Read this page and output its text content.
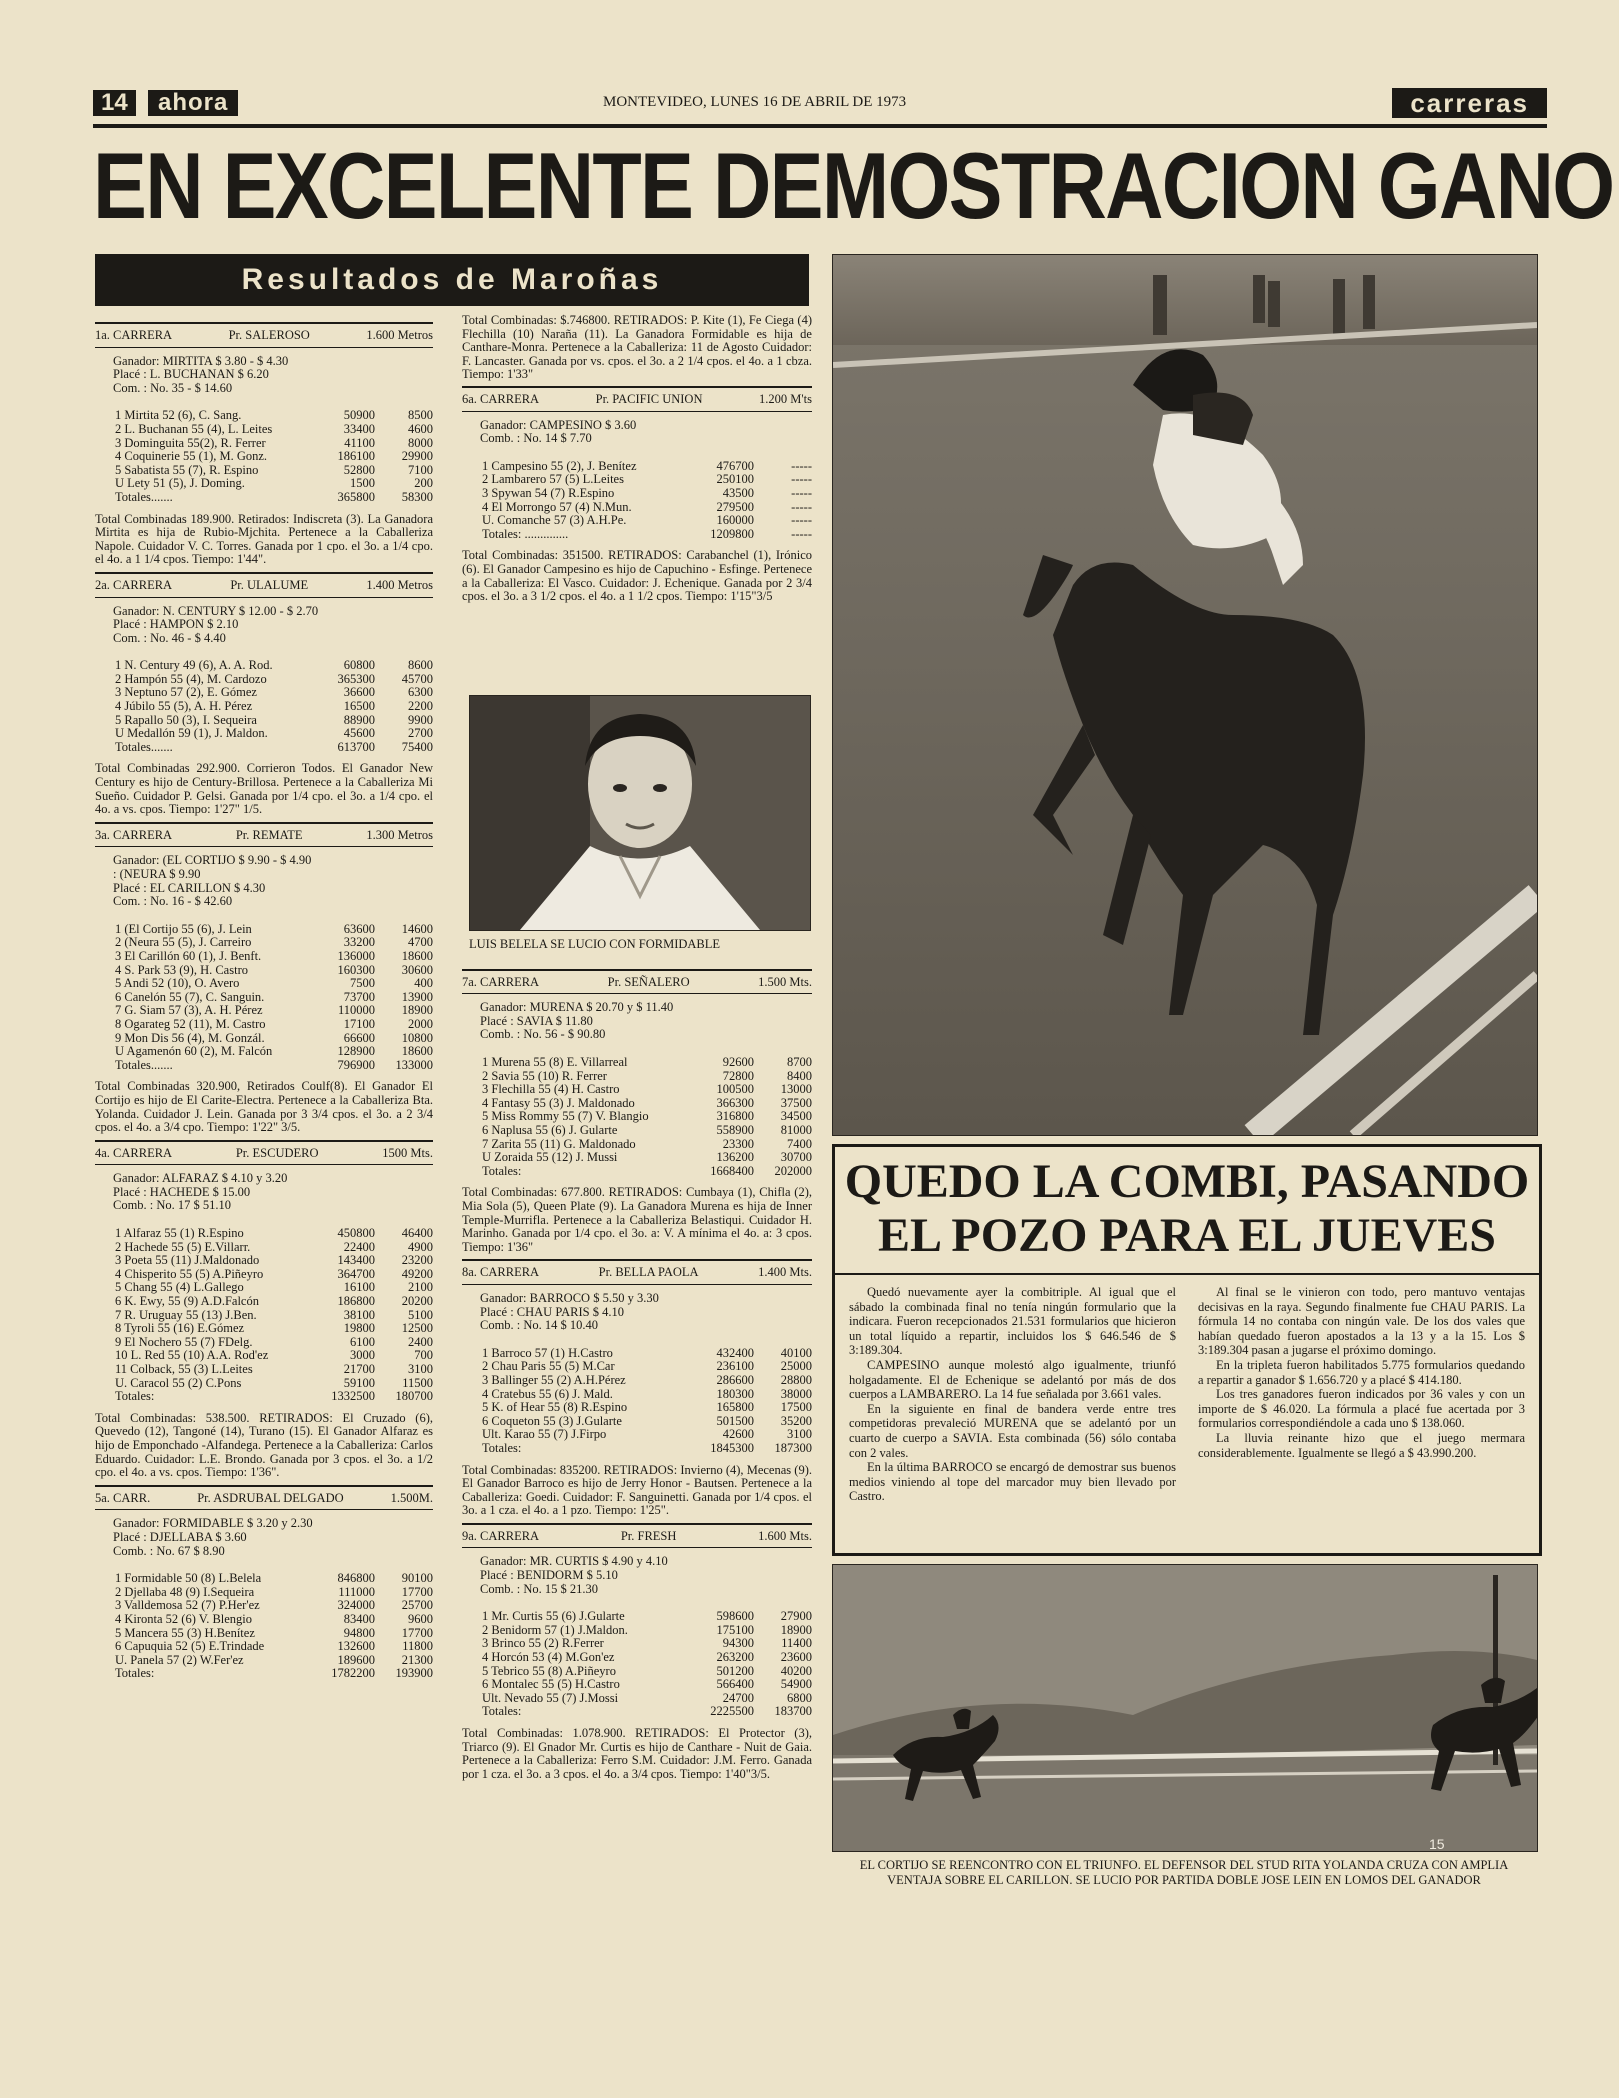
14	ahora	MONTEVIDEO, LUNES 16 DE ABRIL DE 1973	carreras
EN EXCELENTE DEMOSTRACION GANO
Resultados de Maroñas
1a. CARRERA	Pr. SALEROSO	1.600 Metros
Ganador: MIRTITA $ 3.80 - $ 4.30
Placé : L. BUCHANAN $ 6.20
Com. : No. 35 - $ 14.60
1 Mirtita 52 (6), C. Sang.	50900	8500
2 L. Buchanan 55 (4), L. Leites	33400	4600
3 Dominguita 55(2), R. Ferrer	41100	8000
4 Coquinerie 55 (1), M. Gonz.	186100	29900
5 Sabatista 55 (7), R. Espino	52800	7100
U Lety 51 (5), J. Doming.	1500	200
Totales.......	365800	58300
Total Combinadas 189.900. Retirados: Indiscreta (3). La Ganadora Mirtita es hija de Rubio-Mjchita. Pertenece a la Caballeriza Napole. Cuidador V. C. Torres. Ganada por 1 cpo. el 3o. a 1/4 cpo. el 4o. a 1 1/4 cpos. Tiempo: 1'44".
2a. CARRERA	Pr. ULALUME	1.400 Metros
Ganador: N. CENTURY $ 12.00 - $ 2.70
Placé : HAMPON $ 2.10
Com. : No. 46 - $ 4.40
1 N. Century 49 (6), A. A. Rod.	60800	8600
2 Hampón 55 (4), M. Cardozo	365300	45700
3 Neptuno 57 (2), E. Gómez	36600	6300
4 Júbilo 55 (5), A. H. Pérez	16500	2200
5 Rapallo 50 (3), I. Sequeira	88900	9900
U Medallón 59 (1), J. Maldon.	45600	2700
Totales.......	613700	75400
Total Combinadas 292.900. Corrieron Todos. El Ganador New Century es hijo de Century-Brillosa. Pertenece a la Caballeriza Mi Sueño. Cuidador P. Gelsi. Ganada por 1/4 cpo. el 3o. a 1/4 cpo. el 4o. a vs. cpos. Tiempo: 1'27" 1/5.
3a. CARRERA	Pr. REMATE	1.300 Metros
Ganador: (EL CORTIJO $ 9.90 - $ 4.90
: (NEURA $ 9.90
Placé : EL CARILLON $ 4.30
Com. : No. 16 - $ 42.60
1 (El Cortijo 55 (6), J. Lein	63600	14600
2 (Neura 55 (5), J. Carreiro	33200	4700
3 El Carillón 60 (1), J. Benft.	136000	18600
4 S. Park 53 (9), H. Castro	160300	30600
5 Andi 52 (10), O. Avero	7500	400
6 Canelón 55 (7), C. Sanguin.	73700	13900
7 G. Siam 57 (3), A. H. Pérez	110000	18900
8 Ogarateg 52 (11), M. Castro	17100	2000
9 Mon Dis 56 (4), M. Gonzál.	66600	10800
U Agamenón 60 (2), M. Falcón	128900	18600
Totales.......	796900	133000
Total Combinadas 320.900, Retirados Coulf(8). El Ganador El Cortijo es hijo de El Carite-Electra. Pertenece a la Caballeriza Bta. Yolanda. Cuidador J. Lein. Ganada por 3 3/4 cpos. el 3o. a 2 3/4 cpos. el 4o. a 3/4 cpo. Tiempo: 1'22" 3/5.
4a. CARRERA	Pr. ESCUDERO	1500 Mts.
Ganador: ALFARAZ $ 4.10 y 3.20
Placé : HACHEDE $ 15.00
Comb. : No. 17 $ 51.10
1 Alfaraz 55 (1) R.Espino	450800	46400
2 Hachede 55 (5) E.Villarr.	22400	4900
3 Poeta 55 (11) J.Maldonado	143400	23200
4 Chisperito 55 (5) A.Piñeyro	364700	49200
5 Chang 55 (4) L.Gallego	16100	2100
6 K. Ewy, 55 (9) A.D.Falcón	186800	20200
7 R. Uruguay 55 (13) J.Ben.	38100	5100
8 Tyroli 55 (16) E.Gómez	19800	12500
9 El Nochero 55 (7) FDelg.	6100	2400
10 L. Red 55 (10) A.A. Rod'ez	3000	700
11 Colback, 55 (3) L.Leites	21700	3100
U. Caracol 55 (2) C.Pons	59100	11500
Totales:	1332500	180700
Total Combinadas: 538.500. RETIRADOS: El Cruzado (6), Quevedo (12), Tangoné (14), Turano (15). El Ganador Alfaraz es hijo de Emponchado -Alfandega. Pertenece a la Caballeriza: Carlos Eduardo. Cuidador: L.E. Brondo. Ganada por 3 cpos. el 3o. a 1/2 cpo. el 4o. a vs. cpos. Tiempo: 1'36".
5a. CARR.	Pr. ASDRUBAL DELGADO	1.500M.
Ganador: FORMIDABLE $ 3.20 y 2.30
Placé : DJELLABA $ 3.60
Comb. : No. 67 $ 8.90
1 Formidable 50 (8) L.Belela	846800	90100
2 Djellaba 48 (9) I.Sequeira	111000	17700
3 Valldemosa 52 (7) P.Her'ez	324000	25700
4 Kironta 52 (6) V. Blengio	83400	9600
5 Mancera 55 (3) H.Benítez	94800	17700
6 Capuquia 52 (5) E.Trindade	132600	11800
U. Panela 57 (2) W.Fer'ez	189600	21300
Totales:	1782200	193900
Total Combinadas: $.746800. RETIRADOS: P. Kite (1), Fe Ciega (4) Flechilla (10) Naraña (11). La Ganadora Formidable es hija de Canthare-Monra. Pertenece a la Caballeriza: 11 de Agosto Cuidador: F. Lancaster. Ganada por vs. cpos. el 3o. a 2 1/4 cpos. el 4o. a 1 cbza. Tiempo: 1'33"
6a. CARRERA	Pr. PACIFIC UNION	1.200 M'ts
Ganador: CAMPESINO $ 3.60
Comb. : No. 14 $ 7.70
1 Campesino 55 (2), J. Benítez	476700	-----
2 Lambarero 57 (5) L.Leites	250100	-----
3 Spywan 54 (7) R.Espino	43500	-----
4 El Morrongo 57 (4) N.Mun.	279500	-----
U. Comanche 57 (3) A.H.Pe.	160000	-----
Totales: ..............	1209800	-----
Total Combinadas: 351500. RETIRADOS: Carabanchel (1), Irónico (6). El Ganador Campesino es hijo de Capuchino - Esfinge. Pertenece a la Caballeriza: El Vasco. Cuidador: J. Echenique. Ganada por 2 3/4 cpos. el 3o. a 3 1/2 cpos. el 4o. a 1 1/2 cpos. Tiempo: 1'15"3/5
7a. CARRERA	Pr. SEÑALERO	1.500 Mts.
Ganador: MURENA $ 20.70 y $ 11.40
Placé : SAVIA $ 11.80
Comb. : No. 56 - $ 90.80
1 Murena 55 (8) E. Villarreal	92600	8700
2 Savia 55 (10) R. Ferrer	72800	8400
3 Flechilla 55 (4) H. Castro	100500	13000
4 Fantasy 55 (3) J. Maldonado	366300	37500
5 Miss Rommy 55 (7) V. Blangio	316800	34500
6 Naplusa 55 (6) J. Gularte	558900	81000
7 Zarita 55 (11) G. Maldonado	23300	7400
U Zoraida 55 (12) J. Mussi	136200	30700
Totales:	1668400	202000
Total Combinadas: 677.800. RETIRADOS: Cumbaya (1), Chifla (2), Mia Sola (5), Queen Plate (9). La Ganadora Murena es hija de Inner Temple-Murrifla. Pertenece a la Caballeriza Belastiqui. Cuidador H. Marinho. Ganada por 1/4 cpo. el 3o. a: V. A mínima el 4o. a: 3 cpos. Tiempo: 1'36"
8a. CARRERA	Pr. BELLA PAOLA	1.400 Mts.
Ganador: BARROCO $ 5.50 y 3.30
Placé : CHAU PARIS $ 4.10
Comb. : No. 14 $ 10.40
1 Barroco 57 (1) H.Castro	432400	40100
2 Chau Paris 55 (5) M.Car	236100	25000
3 Ballinger 55 (2) A.H.Pérez	286600	28800
4 Cratebus 55 (6) J. Mald.	180300	38000
5 K. of Hear 55 (8) R.Espino	165800	17500
6 Coqueton 55 (3) J.Gularte	501500	35200
Ult. Karao 55 (7) J.Firpo	42600	3100
Totales:	1845300	187300
Total Combinadas: 835200. RETIRADOS: Invierno (4), Mecenas (9). El Ganador Barroco es hijo de Jerry Honor - Bautsen. Pertenece a la Caballeriza: Goedi. Cuidador: F. Sanguinetti. Ganada por 1/4 cpos. el 3o. a 1 cza. el 4o. a 1 pzo. Tiempo: 1'25".
9a. CARRERA	Pr. FRESH	1.600 Mts.
Ganador: MR. CURTIS $ 4.90 y 4.10
Placé : BENIDORM $ 5.10
Comb. : No. 15 $ 21.30
1 Mr. Curtis 55 (6) J.Gularte	598600	27900
2 Benidorm 57 (1) J.Maldon.	175100	18900
3 Brinco 55 (2) R.Ferrer	94300	11400
4 Horcón 53 (4) M.Gon'ez	263200	23600
5 Tebrico 55 (8) A.Piñeyro	501200	40200
6 Montalec 55 (5) H.Castro	566400	54900
Ult. Nevado 55 (7) J.Mossi	24700	6800
Totales:	2225500	183700
Total Combinadas: 1.078.900. RETIRADOS: El Protector (3), Triarco (9). El Gnador Mr. Curtis es hijo de Canthare - Nuit de Gaia. Pertenece a la Caballeriza: Ferro S.M. Cuidador: J.M. Ferro. Ganada por 1 cza. el 3o. a 3 cpos. el 4o. a 3/4 cpos. Tiempo: 1'40"3/5.
LUIS BELELA SE LUCIO CON FORMIDABLE
QUEDO LA COMBI, PASANDO
EL POZO PARA EL JUEVES

Quedó nuevamente ayer la combitriple. Al igual que el sábado la combinada final no tenía ningún formulario que la indicara. Fueron recepcionados 21.531 formularios que hicieron un total líquido a repartir, incluidos los $ 646.546 de $ 3:189.304.

CAMPESINO aunque molestó algo igualmente, triunfó holgadamente. El de Echenique se adelantó por más de dos cuerpos a LAMBARERO. La 14 fue señalada por 3.661 vales.

En la siguiente en final de bandera verde entre tres competidoras prevaleció MURENA que se adelantó por un cuarto de cuerpo a SAVIA. Esta combinada (56) sólo contaba con 2 vales.

En la última BARROCO se encargó de demostrar sus buenos medios viniendo al tope del marcador muy bien llevado por Castro.

Al final se le vinieron con todo, pero mantuvo ventajas decisivas en la raya. Segundo finalmente fue CHAU PARIS. La fórmula 14 no contaba con ningún vale. De los dos vales que habían quedado fueron apostados a la 13 y a la 15. Los $ 3:189.304 pasan a jugarse el próximo domingo.

En la tripleta fueron habilitados 5.775 formularios quedando a repartir a ganador $ 1.656.720 y a placé $ 414.180.

Los tres ganadores fueron indicados por 36 vales y con un importe de $ 46.020. La fórmula a placé fue acertada por 3 formularios correspondiéndole a cada uno $ 138.060.

La lluvia reinante hizo que el juego mermara considerablemente. Igualmente se llegó a $ 43.990.200.

15
EL CORTIJO SE REENCONTRO CON EL TRIUNFO. EL DEFENSOR DEL STUD RITA YOLANDA CRUZA CON AMPLIA VENTAJA SOBRE EL CARILLON. SE LUCIO POR PARTIDA DOBLE JOSE LEIN EN LOMOS DEL GANADOR
